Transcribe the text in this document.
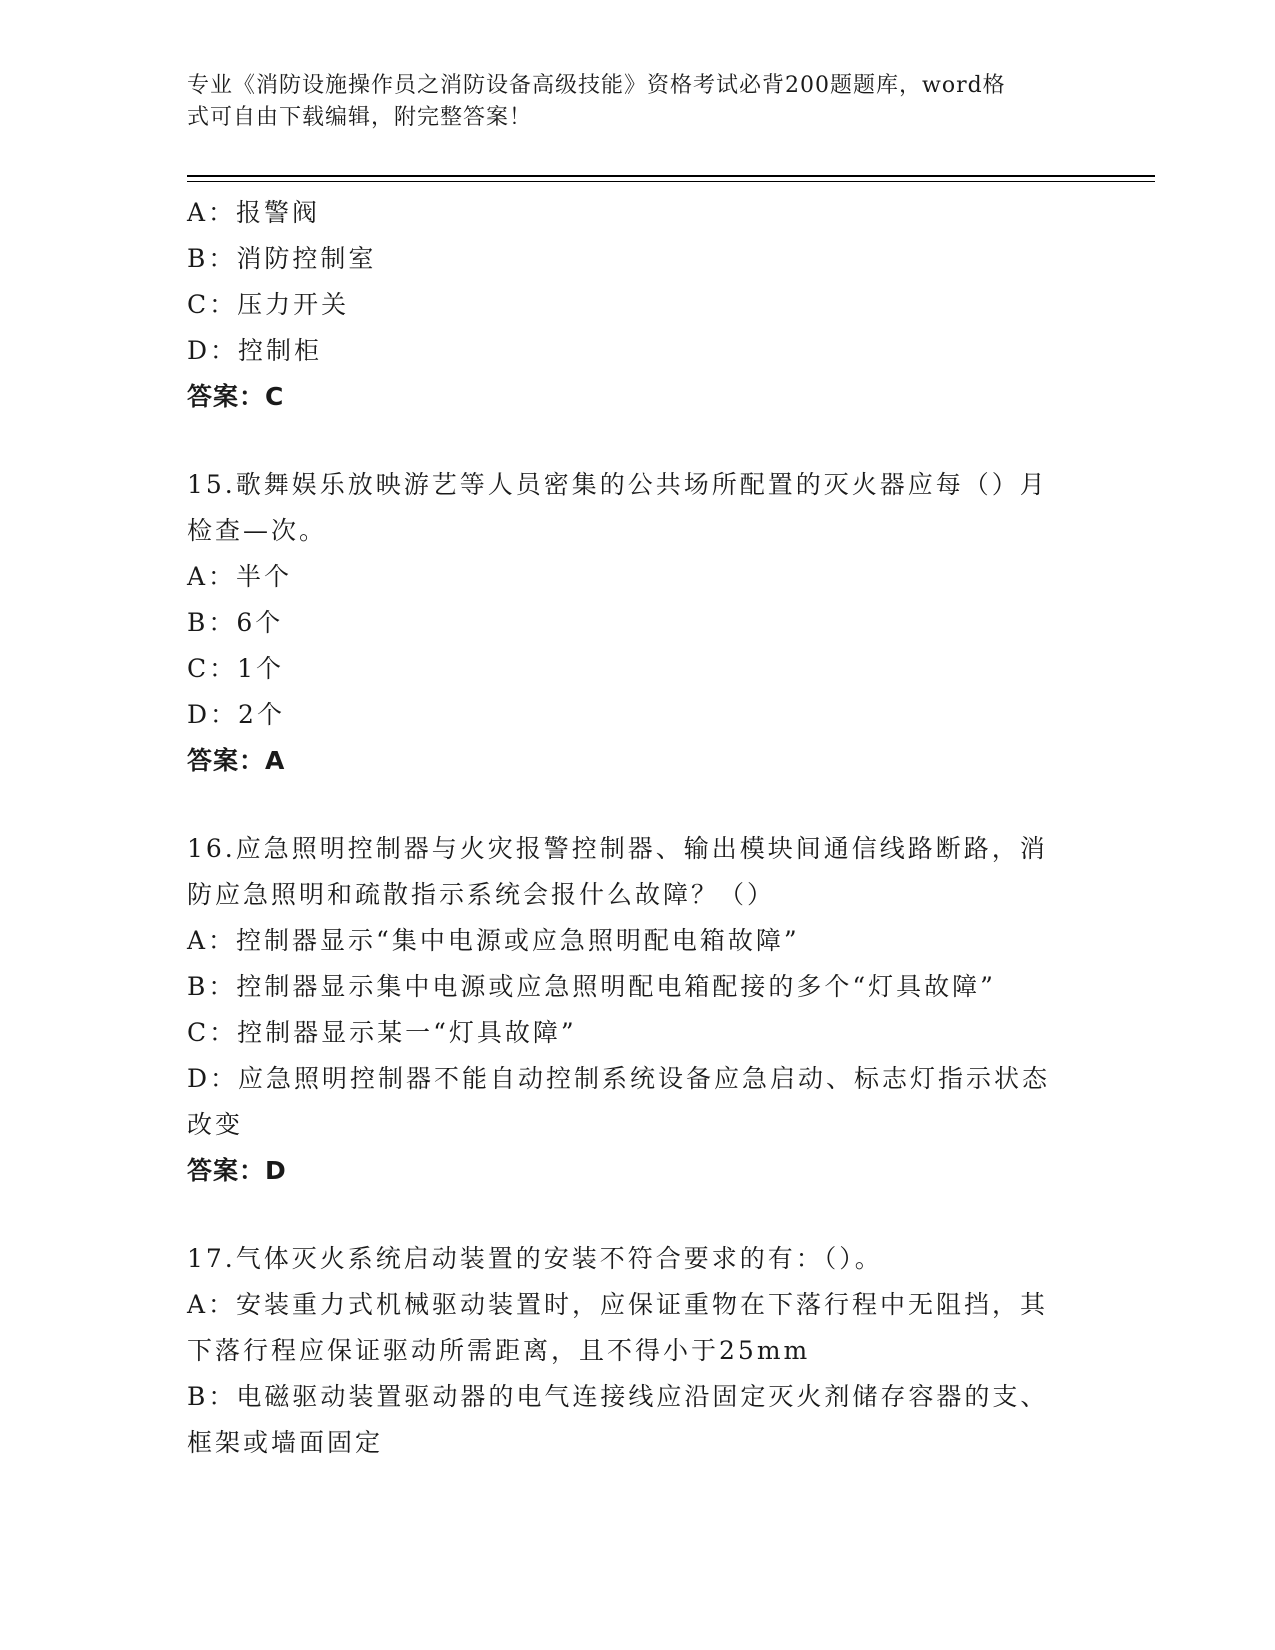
专业《消防设施操作员之消防设备高级技能》资格考试必背200题题库，word格
式可自由下载编辑，附完整答案！
A：报警阀
B：消防控制室
C：压力开关
D：控制柜
答案：C
15.歌舞娱乐放映游艺等人员密集的公共场所配置的灭火器应每（）月
检查—次。
A：半个
B：6个
C：1个
D：2个
答案：A
16.应急照明控制器与火灾报警控制器、输出模块间通信线路断路，消
防应急照明和疏散指示系统会报什么故障？（）
A：控制器显示“集中电源或应急照明配电箱故障”
B：控制器显示集中电源或应急照明配电箱配接的多个“灯具故障”
C：控制器显示某一“灯具故障”
D：应急照明控制器不能自动控制系统设备应急启动、标志灯指示状态
改变
答案：D
17.气体灭火系统启动装置的安装不符合要求的有：（）。
A：安装重力式机械驱动装置时，应保证重物在下落行程中无阻挡，其
下落行程应保证驱动所需距离，且不得小于25mm
B：电磁驱动装置驱动器的电气连接线应沿固定灭火剂储存容器的支、
框架或墙面固定
